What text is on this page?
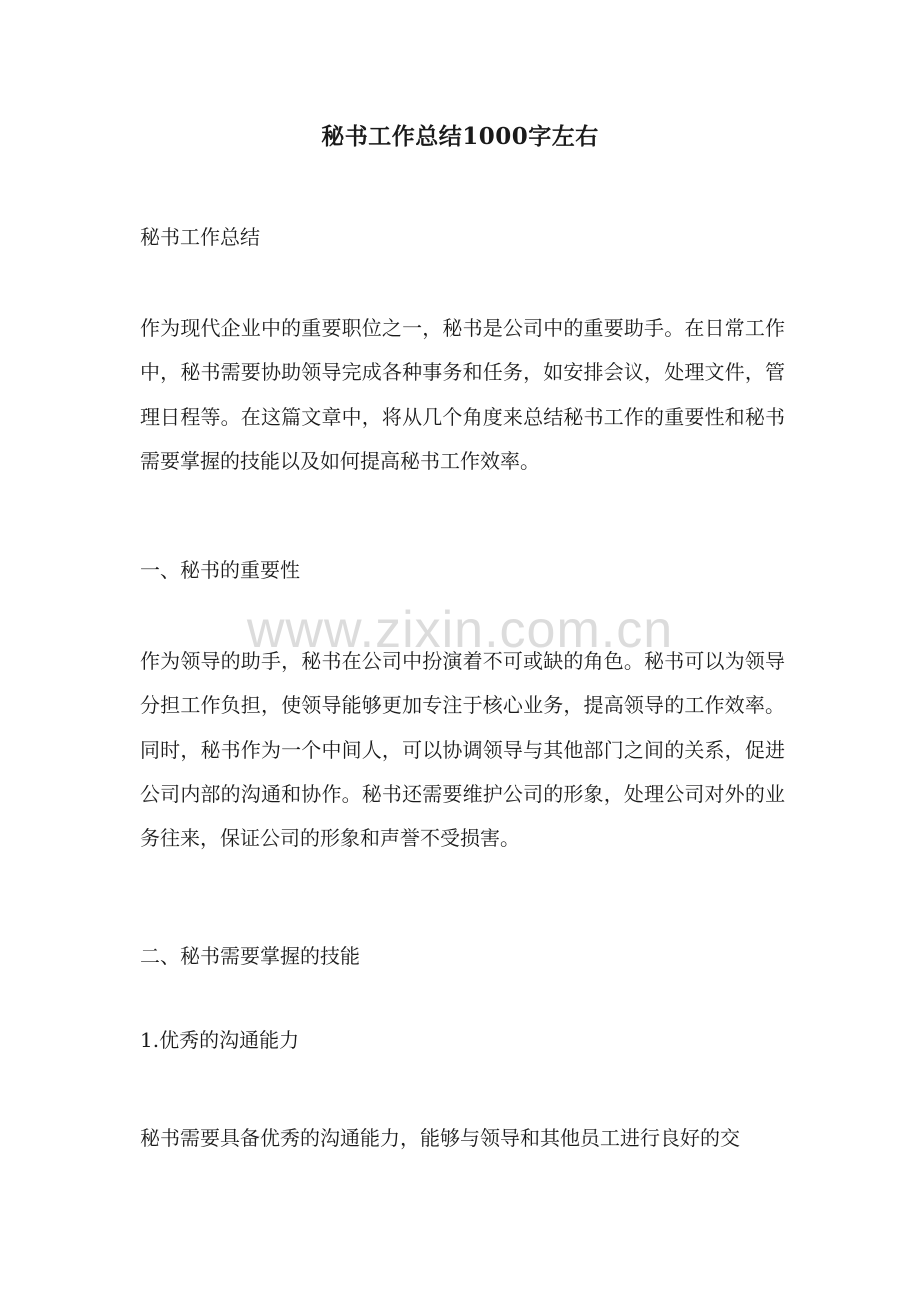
秘书工作总结1000字左右
秘书工作总结
作为现代企业中的重要职位之一，秘书是公司中的重要助手。在日常工作中，秘书需要协助领导完成各种事务和任务，如安排会议，处理文件，管理日程等。在这篇文章中，将从几个角度来总结秘书工作的重要性和秘书需要掌握的技能以及如何提高秘书工作效率。
一、秘书的重要性
作为领导的助手，秘书在公司中扮演着不可或缺的角色。秘书可以为领导分担工作负担，使领导能够更加专注于核心业务，提高领导的工作效率。同时，秘书作为一个中间人，可以协调领导与其他部门之间的关系，促进公司内部的沟通和协作。秘书还需要维护公司的形象，处理公司对外的业务往来，保证公司的形象和声誉不受损害。
二、秘书需要掌握的技能
1.优秀的沟通能力
秘书需要具备优秀的沟通能力，能够与领导和其他员工进行良好的交
www.zixin.com.cn
